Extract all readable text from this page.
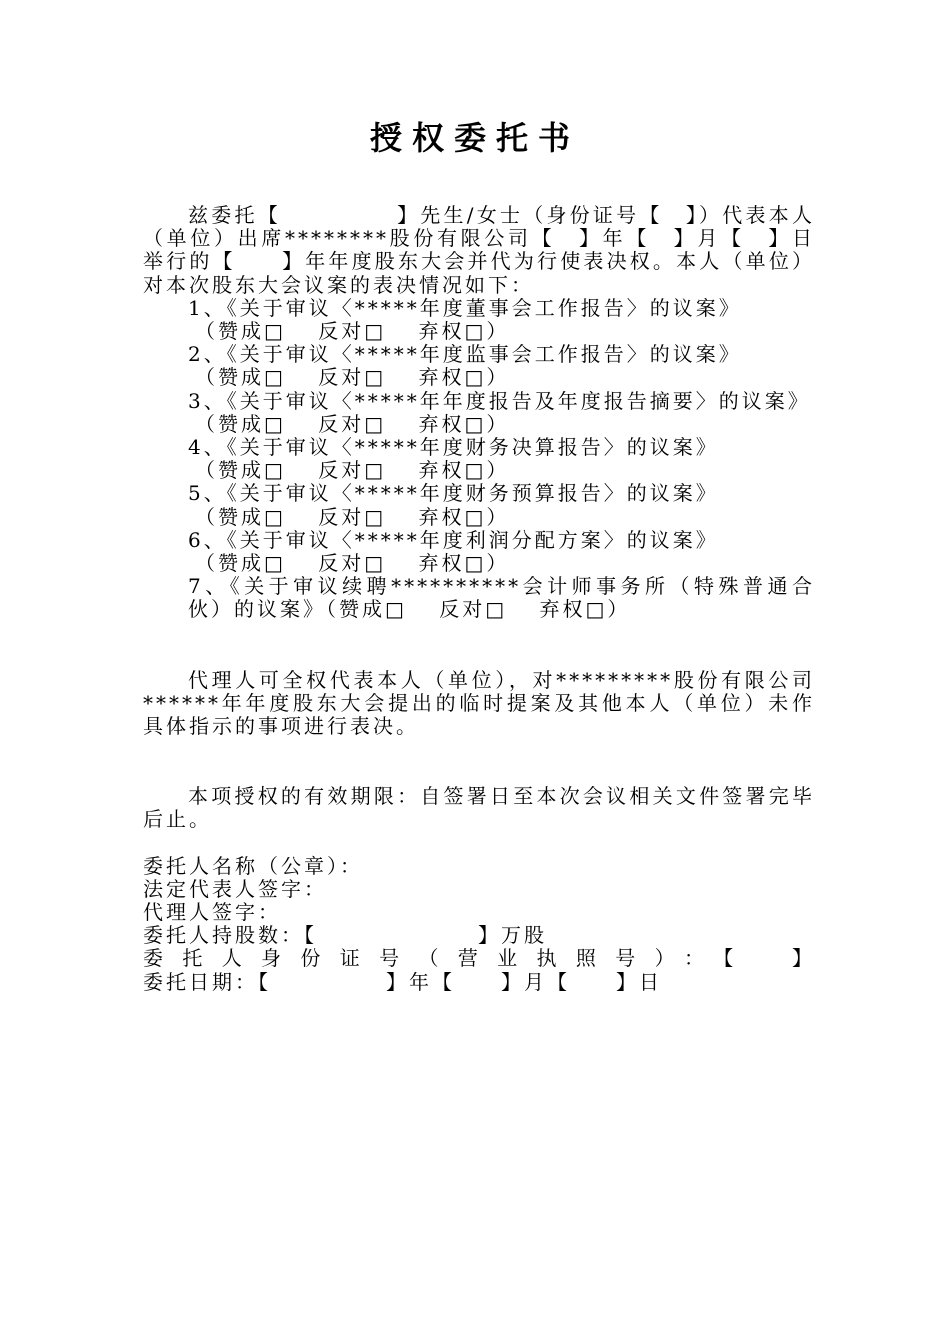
授权委托书

兹委托【　　　　　】先生/女士（身份证号【　】）代表本人（单位）出席********股份有限公司【　】年【　】月【　】日举行的【　　】年年度股东大会并代为行使表决权。本人（单位）对本次股东大会议案的表决情况如下：

1、《关于审议〈*****年度董事会工作报告〉的议案》

（赞成□　 反对□　 弃权□）

2、《关于审议〈*****年度监事会工作报告〉的议案》

（赞成□　 反对□　 弃权□）

3、《关于审议〈*****年年度报告及年度报告摘要〉的议案》

（赞成□　 反对□　 弃权□）

4、《关于审议〈*****年度财务决算报告〉的议案》

（赞成□　 反对□　 弃权□）

5、《关于审议〈*****年度财务预算报告〉的议案》

（赞成□　 反对□　 弃权□）

6、《关于审议〈*****年度利润分配方案〉的议案》

（赞成□　 反对□　 弃权□）

7、《关于审议续聘**********会计师事务所（特殊普通合伙）的议案》（赞成□　 反对□　 弃权□）

代理人可全权代表本人（单位），对*********股份有限公司******年年度股东大会提出的临时提案及其他本人（单位）未作具体指示的事项进行表决。

本项授权的有效期限：自签署日至本次会议相关文件签署完毕后止。

委托人名称（公章）：

法定代表人签字：

代理人签字：

委托人持股数：【　　　　　　　】万股

委托人身份证号（营业执照号）：【　】

委托日期：【　　　　　】年【　　】月【　　】日
